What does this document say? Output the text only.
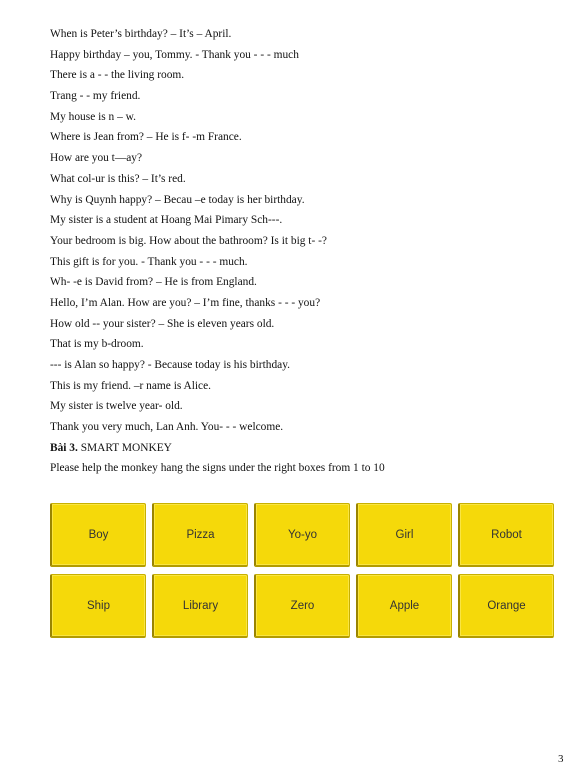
When is Peter’s birthday? – It’s – April.
Happy birthday – you, Tommy. - Thank you - - - much
There is a - - the living room.
Trang - - my friend.
My house is n – w.
Where is Jean from? – He is f- -m France.
How are you t—ay?
What col-ur is this? – It’s red.
Why is Quynh happy? – Becau –e today is her birthday.
My sister is a student at Hoang Mai Pimary Sch---.
Your bedroom is big. How about the bathroom? Is it big t- -?
This gift is for you. - Thank you - - - much.
Wh- -e is David from? – He is from England.
Hello, I’m Alan. How are you? – I’m fine, thanks - - - you?
How old -- your sister? – She is eleven years old.
That is my b-droom.
--- is Alan so happy? - Because today is his birthday.
This is my friend. –r name is Alice.
My sister is twelve year- old.
Thank you very much, Lan Anh. You- - - welcome.
Bài 3. SMART MONKEY
Please help the monkey hang the signs under the right boxes from 1 to 10
Boy	Pizza	Yo-yo	Girl	Robot
Ship	Library	Zero	Apple	Orange
3
